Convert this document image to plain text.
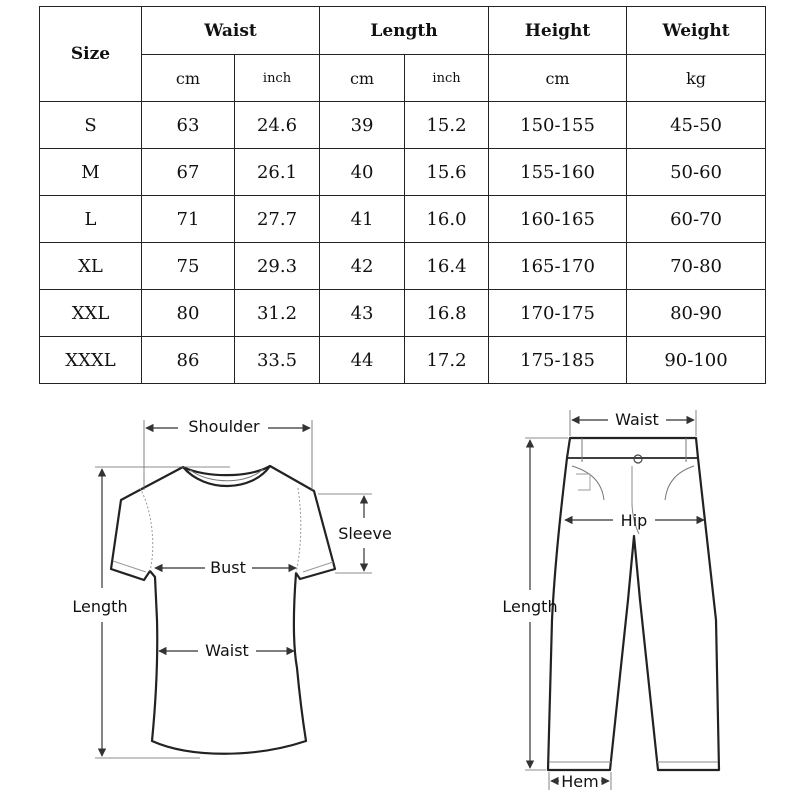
Size	Waist		Length		Height	Weight
	cm	inch	cm	inch	cm	kg
S	63	24.6	39	15.2	150-155	45-50
M	67	26.1	40	15.6	155-160	50-60
L	71	27.7	41	16.0	160-165	60-70
XL	75	29.3	42	16.4	165-170	70-80
XXL	80	31.2	43	16.8	170-175	80-90
XXXL	86	33.5	44	17.2	175-185	90-100
Shoulder
Sleeve
Bust
Length
Waist
Waist
Hip
Length
Hem
